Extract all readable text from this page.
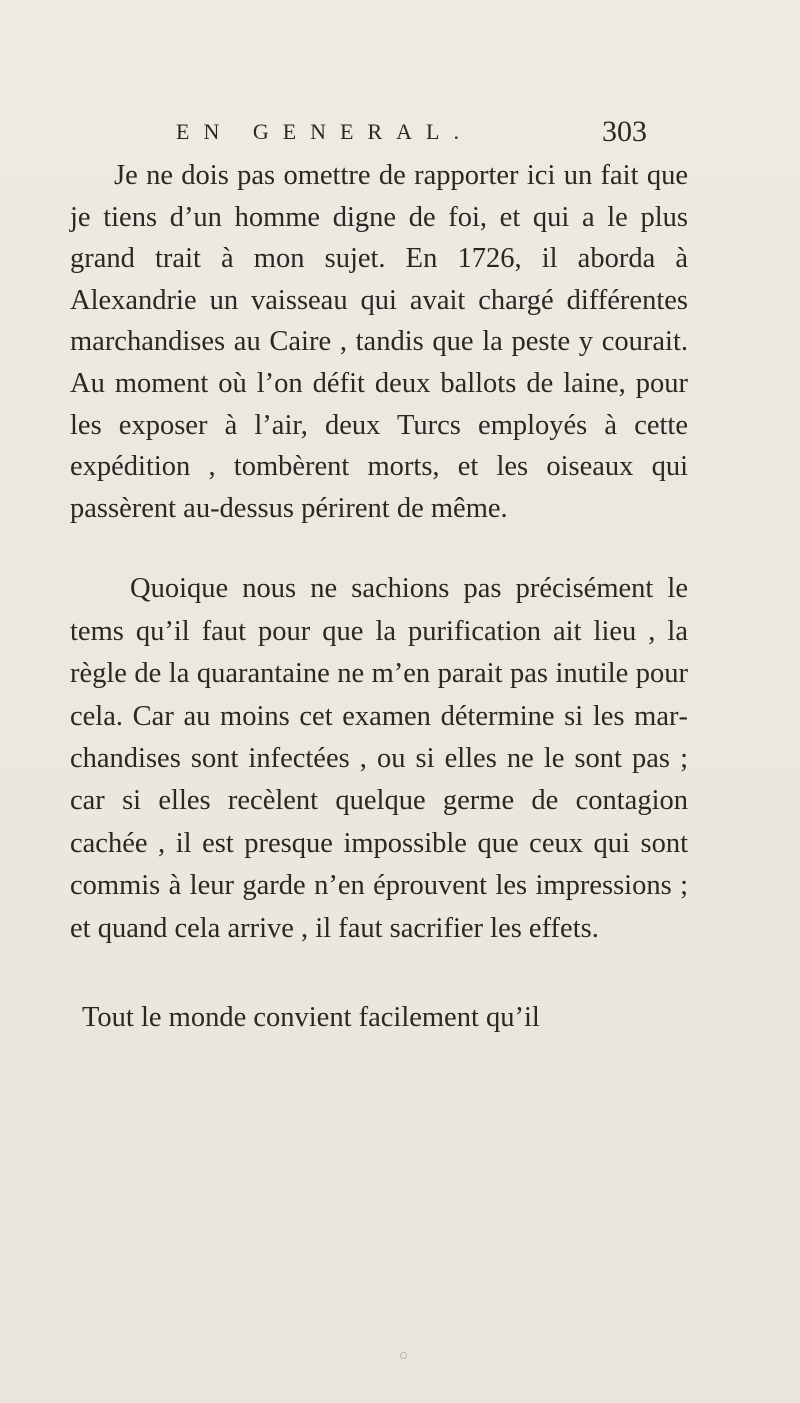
EN GENERAL.	303

Je ne dois pas omettre de rapporter ici un fait que je tiens d’un homme digne de foi, et qui a le plus grand trait à mon sujet. En 1726, il aborda à Alexandrie un vaisseau qui avait chargé différentes marchandises au Caire , tandis que la peste y courait. Au moment où l’on défit deux ballots de laine, pour les exposer à l’air, deux Turcs employés à cette expédition , tombèrent morts, et les oiseaux qui passèrent au-dessus périrent de même.

Quoique nous ne sachions pas précisément le tems qu’il faut pour que la purification ait lieu , la règle de la quarantaine ne m’en parait pas inutile pour cela. Car au moins cet examen détermine si les marchandises sont infectées , ou si elles ne le sont pas ; car si elles recèlent quelque germe de contagion cachée , il est presque impossible que ceux qui sont commis à leur garde n’en éprouvent les impressions ; et quand cela arrive , il faut sacrifier les effets.

Tout le monde convient facilement qu’il
